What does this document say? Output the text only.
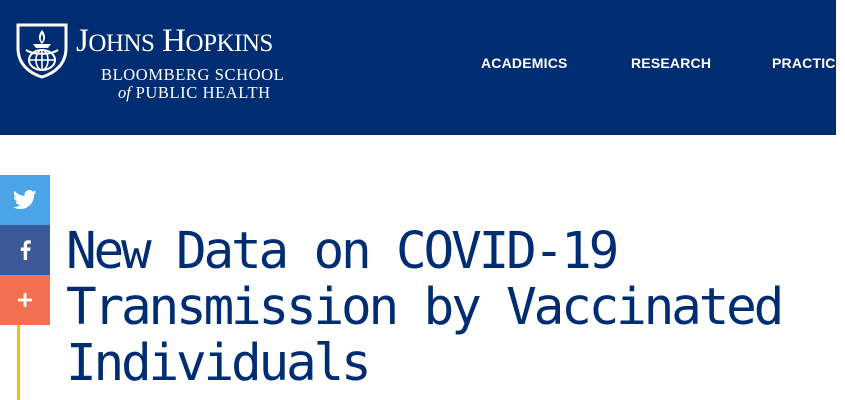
JOHNS HOPKINS
BLOOMBERG SCHOOL
of PUBLIC HEALTH
ACADEMICS	RESEARCH	PRACTICE
New Data on COVID-19
Transmission by Vaccinated
Individuals
